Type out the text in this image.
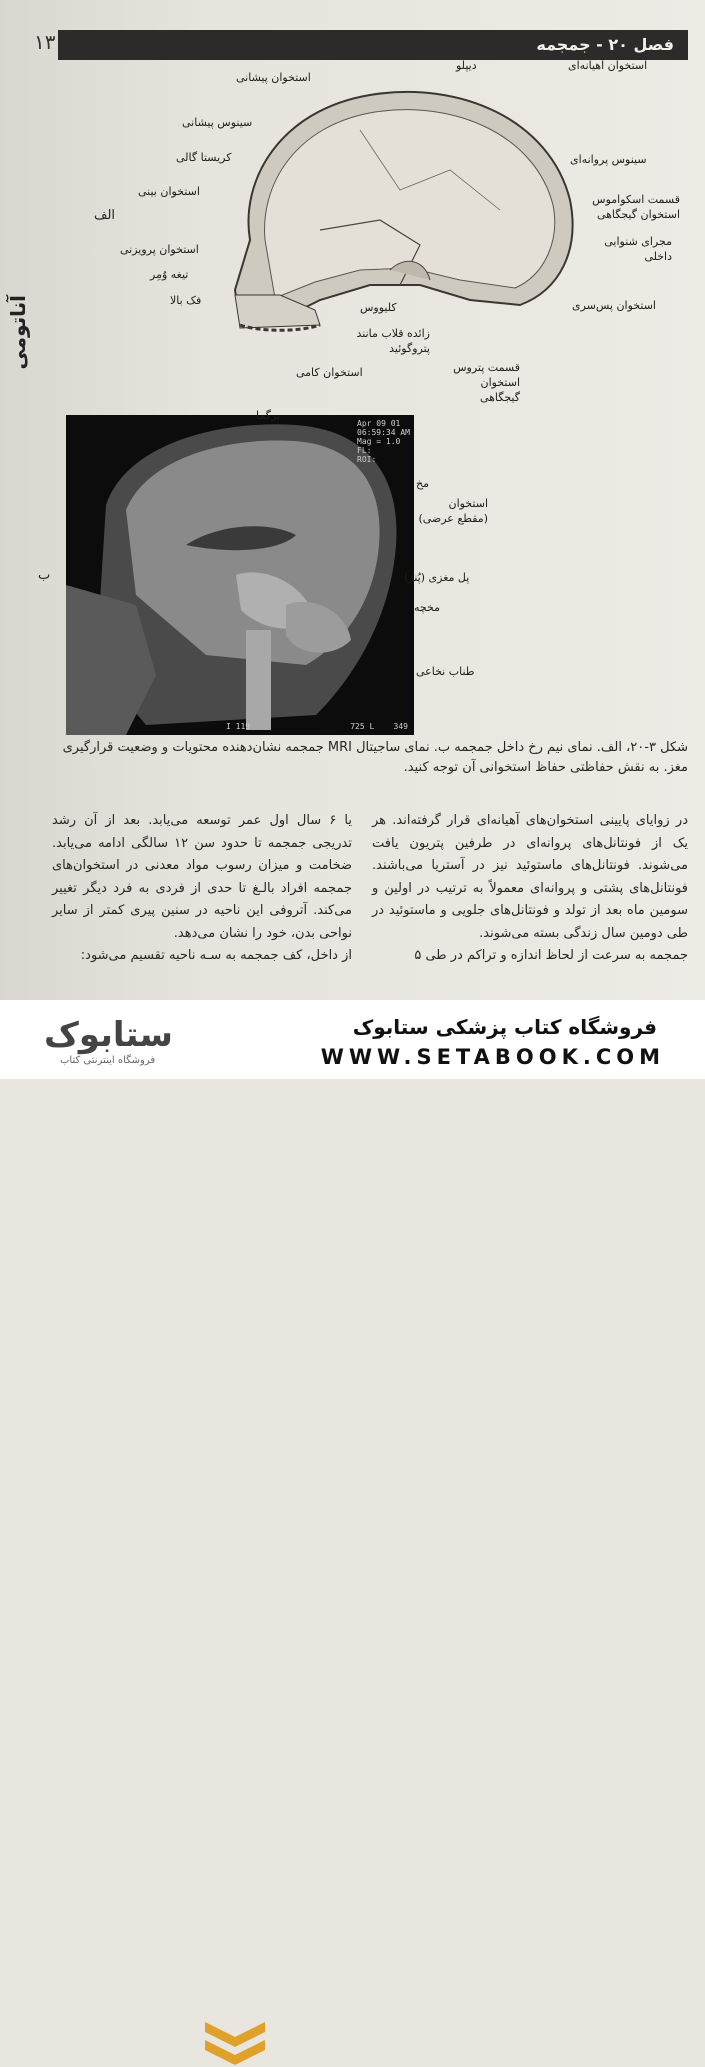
۱۳	فصل ۲۰ - جمجمه
آناتومی
الف
استخوان پیشانی
سینوس پیشانی
کریستا گالی
استخوان بینی
استخوان پرویزنی
تیغه وُمِر
فک بالا
دیپلو	استخوان آهیانه‌ای
سینوس پروانه‌ای
قسمت اسکواموس استخوان گیجگاهی
مجرای شنوایی داخلی
استخوان پس‌سری
کلیووس
زائده قلاب مانند پتروگوئید
استخوان کامی	قسمت پتروس استخوان گیجگاهی
Apr 09 01
06:59:34 AM
Mag = 1.0
FL:
ROI:
I 119	725 L    349
ب
برگما
مخ
استخوان (مقطع عرضی)
پل مغزی (پُنز)
مخچه
طناب نخاعی
شکل ۳-۲۰، الف. نمای نیم رخ داخل جمجمه ب. نمای ساجیتال MRI جمجمه نشان‌دهنده محتویات و وضعیت قرارگیری مغز. به نقش حفاظتی حفاظ استخوانی آن توجه کنید.

در زوایای پایینی استخوان‌های آهیانه‌ای قرار گرفته‌اند. هر یک از فونتانل‌های پروانه‌ای در طرفین پتریون یافت می‌شوند. فونتانل‌های ماستوئید نیز در آستریا می‌باشند. فونتانل‌های پشتی و پروانه‌ای معمولاً به ترتیب در اولین و سومین ماه بعد از تولد و فونتانل‌های جلویی و ماستوئید در طی دومین سال زندگی بسته می‌شوند.

جمجمه به سرعت از لحاظ اندازه و تراکم در طی ۵

یا ۶ سال اول عمر توسعه می‌یابد. بعد از آن رشد تدریجی جمجمه تا حدود سن ۱۲ سالگی ادامه می‌یابد. ضخامت و میزان رسوب مواد معدنی در استخوان‌های جمجمه افراد بالـغ تا حدی از فردی به فرد دیگر تغییر می‌کند. آتروفی این ناحیه در سنین پیری کمتر از سایر نواحی بدن، خود را نشان می‌دهد.

از داخل، کف جمجمه به سـه ناحیه تقسیم می‌شود:

ستابوک
فروشگاه اینترنتی کتاب
فروشگاه کتاب پزشکی ستابوک
WWW.SETABOOK.COM
